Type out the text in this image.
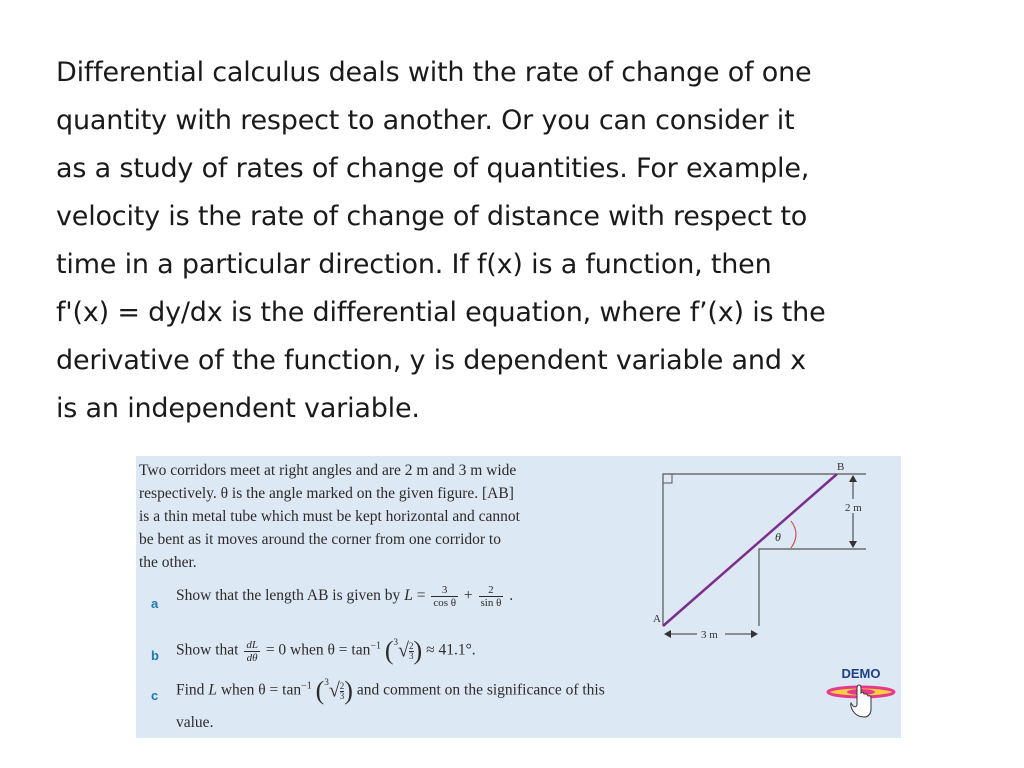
Differential calculus deals with the rate of change of one
quantity with respect to another. Or you can consider it
as a study of rates of change of quantities. For example,
velocity is the rate of change of distance with respect to
time in a particular direction. If f(x) is a function, then
f'(x) = dy/dx is the differential equation, where f’(x) is the
derivative of the function, y is dependent variable and x
is an independent variable.
Two corridors meet at right angles and are 2 m and 3 m wide
respectively. θ is the angle marked on the given figure. [AB]
is a thin metal tube which must be kept horizontal and cannot
be bent as it moves around the corner from one corridor to
the other.
a Show that the length AB is given by $L = \frac{3}{\text{cos θ}} + \frac{2}{\text{sin θ}}$ .
b Show that $\frac{dL}{d\theta} = 0$ when $\theta = \tan^{-1} (3√ \frac{2}{3}$ ) ≈ 41.1°.
c Find L when $\theta = \tan^{-1} (3√ \frac{2}{3}$ ) and comment on the significance of this
value.
θ
B
A
2 m
3 m
DEMO
